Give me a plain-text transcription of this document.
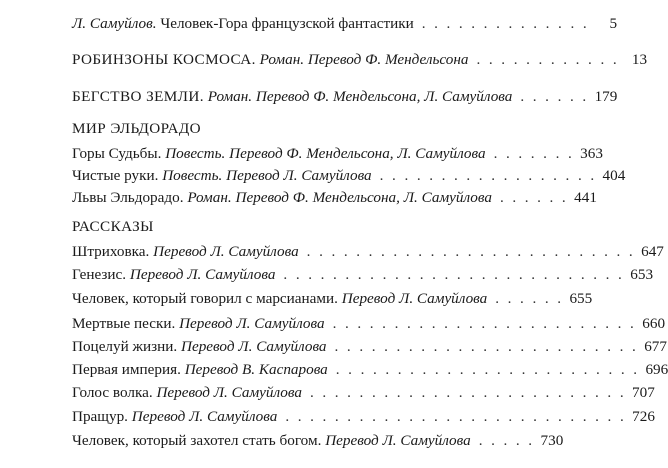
Л. Самуйлов. Человек-Гора французской фантастики . . . . . . . . . . . . . .	5
РОБИНЗОНЫ КОСМОСА. Роман. Перевод Ф. Мендельсона . . . . . . . . . . . . 13
БЕГСТВО ЗЕМЛИ. Роман. Перевод Ф. Мендельсона, Л. Самуйлова . . . . . . 179
МИР ЭЛЬДОРАДО
Горы Судьбы. Повесть. Перевод Ф. Мендельсона, Л. Самуйлова . . . . . . . 363
Чистые руки. Повесть. Перевод Л. Самуйлова . . . . . . . . . . . . . . . . . . 404
Львы Эльдорадо. Роман. Перевод Ф. Мендельсона, Л. Самуйлова . . . . . . 441
РАССКАЗЫ
Штриховка. Перевод Л. Самуйлова . . . . . . . . . . . . . . . . . . . . . . . . . . . 647
Генезис. Перевод Л. Самуйлова . . . . . . . . . . . . . . . . . . . . . . . . . . . . 653
Человек, который говорил с марсианами. Перевод Л. Самуйлова . . . . . . 655
Мертвые пески. Перевод Л. Самуйлова . . . . . . . . . . . . . . . . . . . . . . . . . 660
Поцелуй жизни. Перевод Л. Самуйлова . . . . . . . . . . . . . . . . . . . . . . . . . 677
Первая империя. Перевод В. Каспарова . . . . . . . . . . . . . . . . . . . . . . . . . 696
Голос волка. Перевод Л. Самуйлова . . . . . . . . . . . . . . . . . . . . . . . . . . 707
Пращур. Перевод Л. Самуйлова . . . . . . . . . . . . . . . . . . . . . . . . . . . . 726
Человек, который захотел стать богом. Перевод Л. Самуйлова . . . . . 730
